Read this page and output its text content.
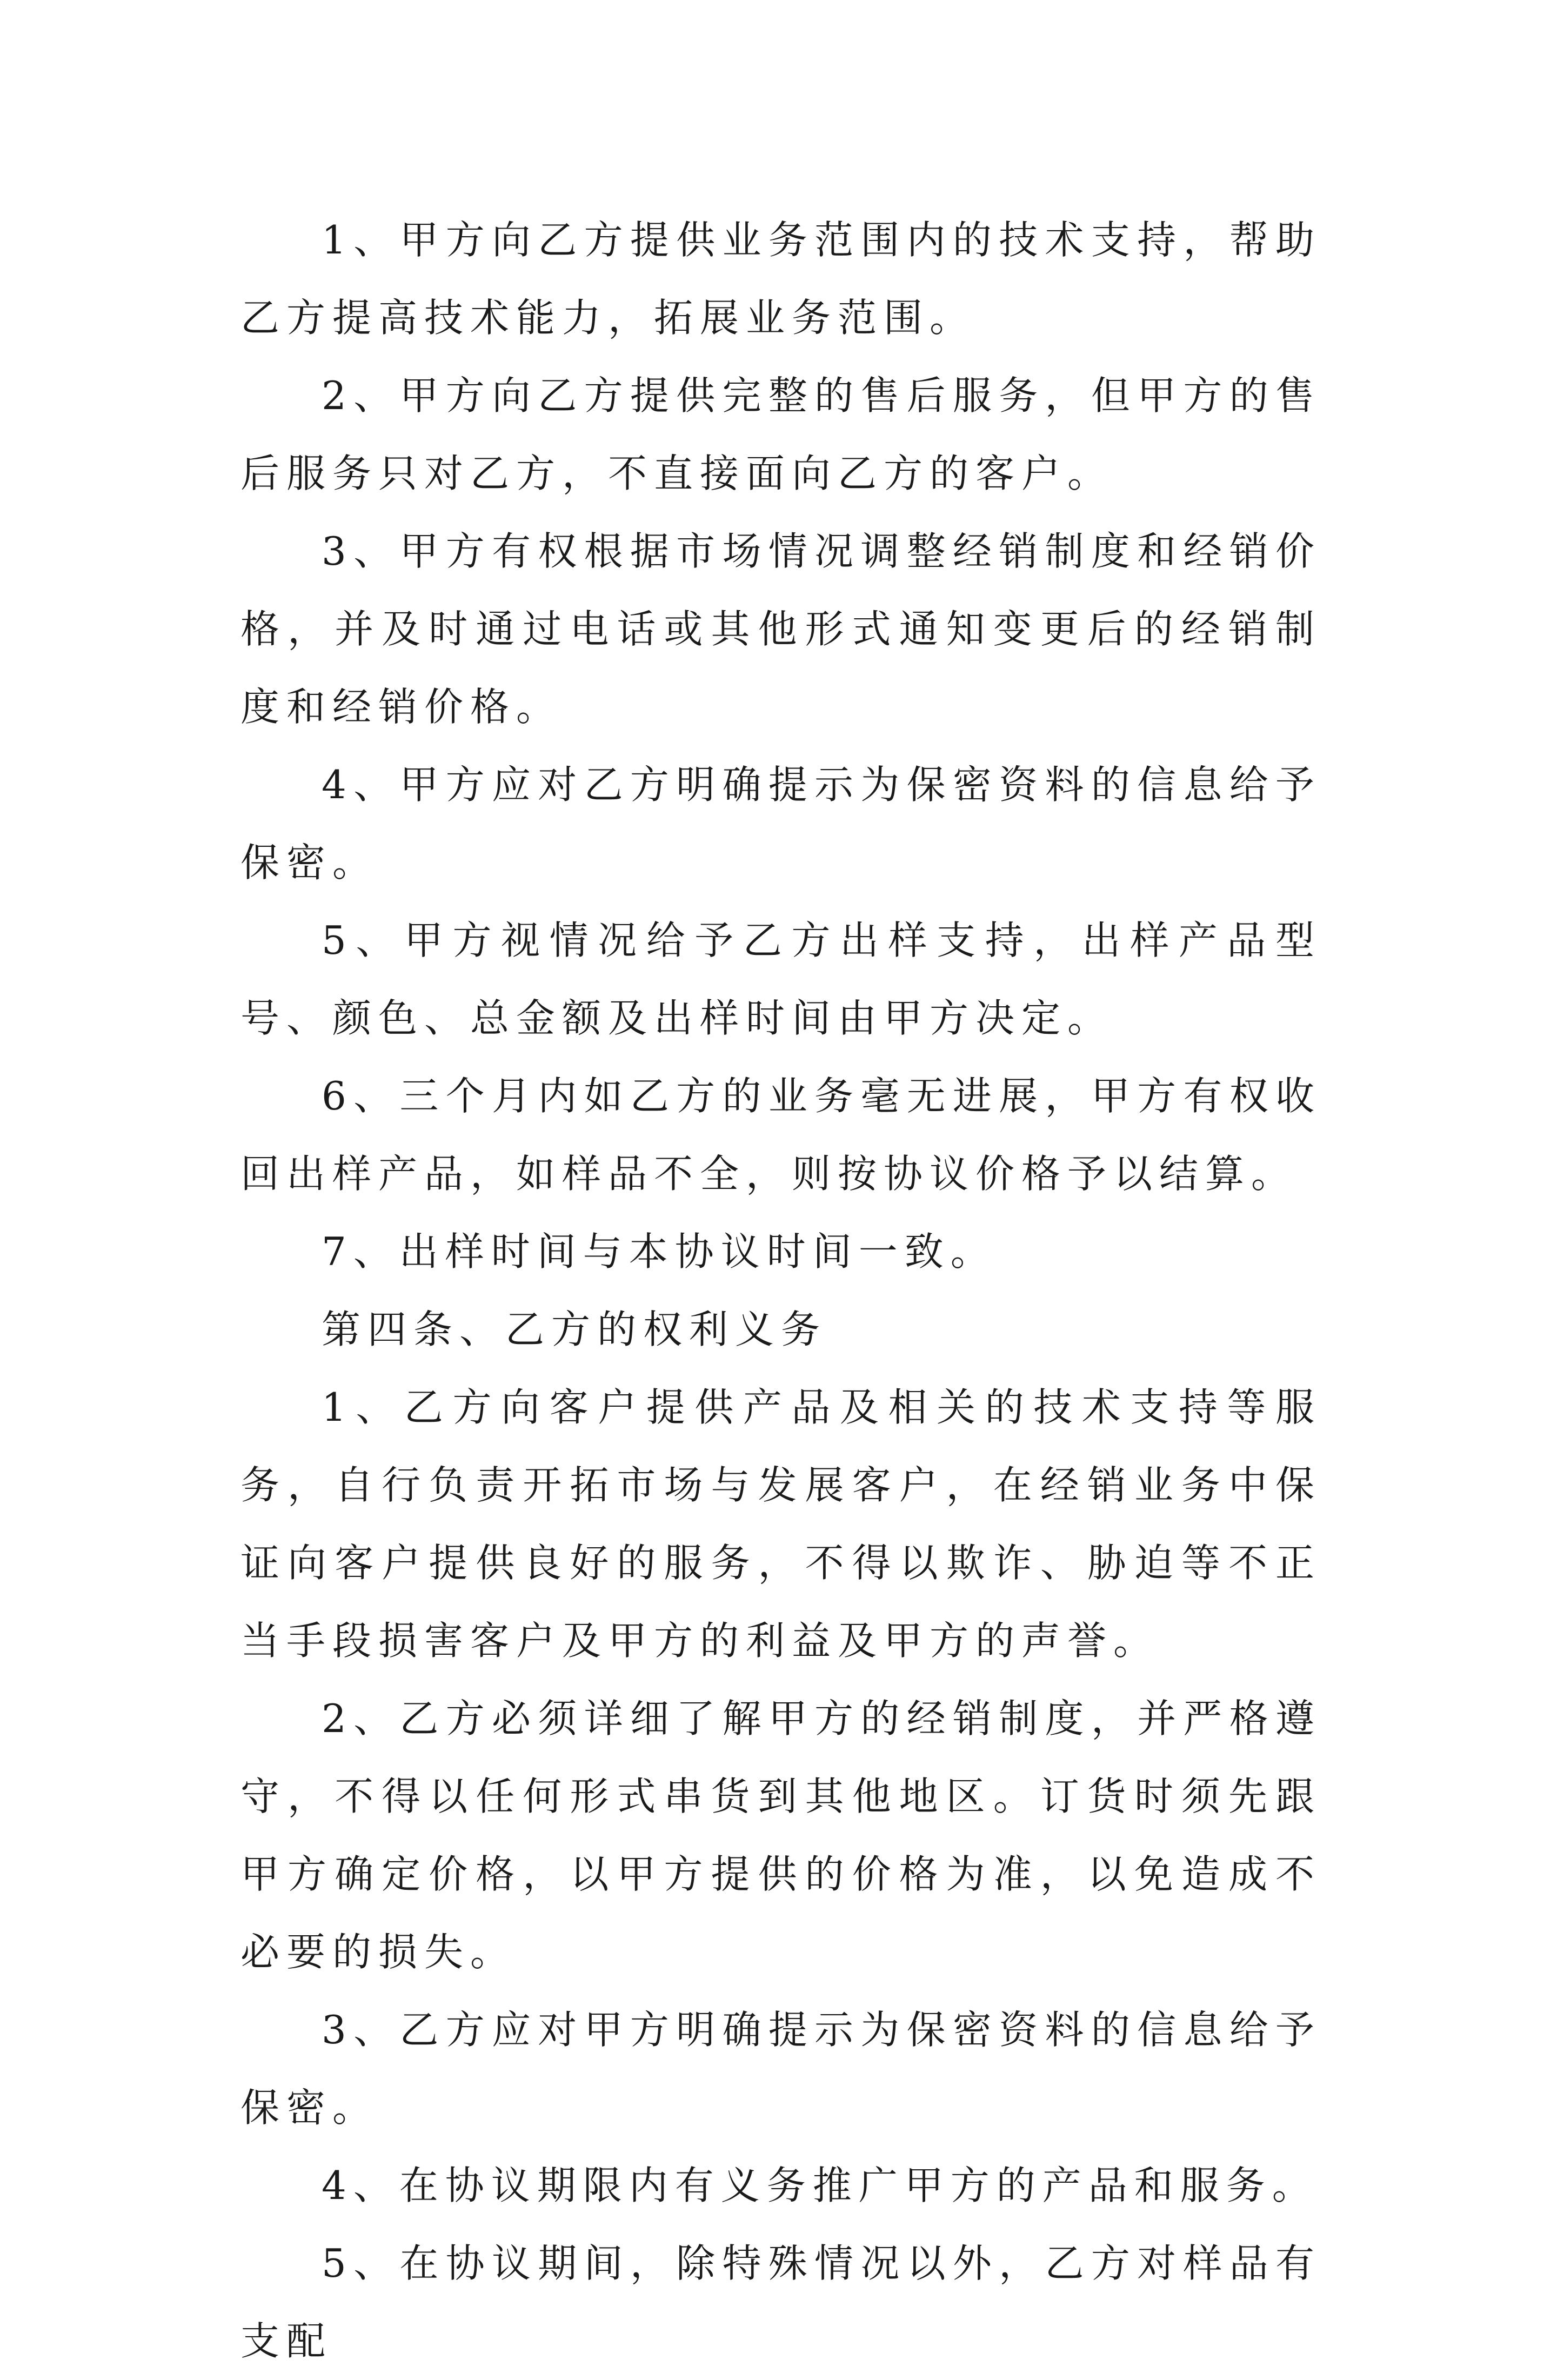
1、甲方向乙方提供业务范围内的技术支持，帮助乙方提高技术能力，拓展业务范围。

2、甲方向乙方提供完整的售后服务，但甲方的售后服务只对乙方，不直接面向乙方的客户。

3、甲方有权根据市场情况调整经销制度和经销价格，并及时通过电话或其他形式通知变更后的经销制度和经销价格。

4、甲方应对乙方明确提示为保密资料的信息给予保密。

5、甲方视情况给予乙方出样支持，出样产品型号、颜色、总金额及出样时间由甲方决定。

6、三个月内如乙方的业务毫无进展，甲方有权收回出样产品，如样品不全，则按协议价格予以结算。

7、出样时间与本协议时间一致。

第四条、乙方的权利义务

1、乙方向客户提供产品及相关的技术支持等服务，自行负责开拓市场与发展客户，在经销业务中保证向客户提供良好的服务，不得以欺诈、胁迫等不正当手段损害客户及甲方的利益及甲方的声誉。

2、乙方必须详细了解甲方的经销制度，并严格遵守，不得以任何形式串货到其他地区。订货时须先跟甲方确定价格，以甲方提供的价格为准，以免造成不必要的损失。

3、乙方应对甲方明确提示为保密资料的信息给予保密。

4、在协议期限内有义务推广甲方的产品和服务。

5、在协议期间，除特殊情况以外，乙方对样品有支配
